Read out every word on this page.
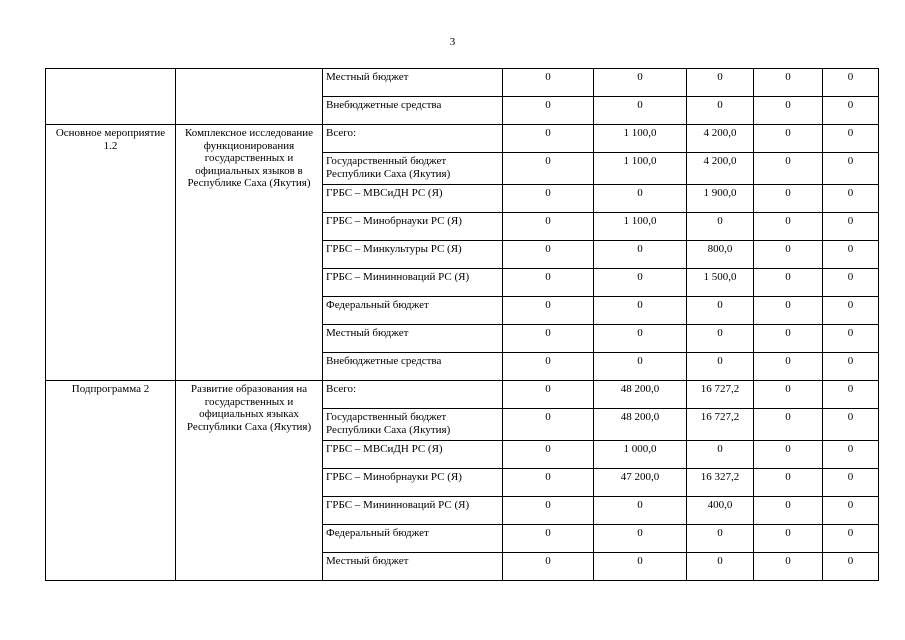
3
		Местный бюджет	0	0	0	0	0
		Внебюджетные средства	0	0	0	0	0
Основное мероприятие 1.2	Комплексное исследование функционирования государственных и официальных языков в Республике Саха (Якутия)	Всего:	0	1 100,0	4 200,0	0	0
		Государственный бюджет Республики Саха (Якутия)	0	1 100,0	4 200,0	0	0
		ГРБС – МВСиДН РС (Я)	0	0	1 900,0	0	0
		ГРБС – Минобрнауки РС (Я)	0	1 100,0	0	0	0
		ГРБС – Минкультуры РС (Я)	0	0	800,0	0	0
		ГРБС – Мининноваций РС (Я)	0	0	1 500,0	0	0
		Федеральный бюджет	0	0	0	0	0
		Местный бюджет	0	0	0	0	0
		Внебюджетные средства	0	0	0	0	0
Подпрограмма 2	Развитие образования на государственных и официальных языках Республики Саха (Якутия)	Всего:	0	48 200,0	16 727,2	0	0
		Государственный бюджет Республики Саха (Якутия)	0	48 200,0	16 727,2	0	0
		ГРБС – МВСиДН РС (Я)	0	1 000,0	0	0	0
		ГРБС – Минобрнауки РС (Я)	0	47 200,0	16 327,2	0	0
		ГРБС – Мининноваций РС (Я)	0	0	400,0	0	0
		Федеральный бюджет	0	0	0	0	0
		Местный бюджет	0	0	0	0	0
